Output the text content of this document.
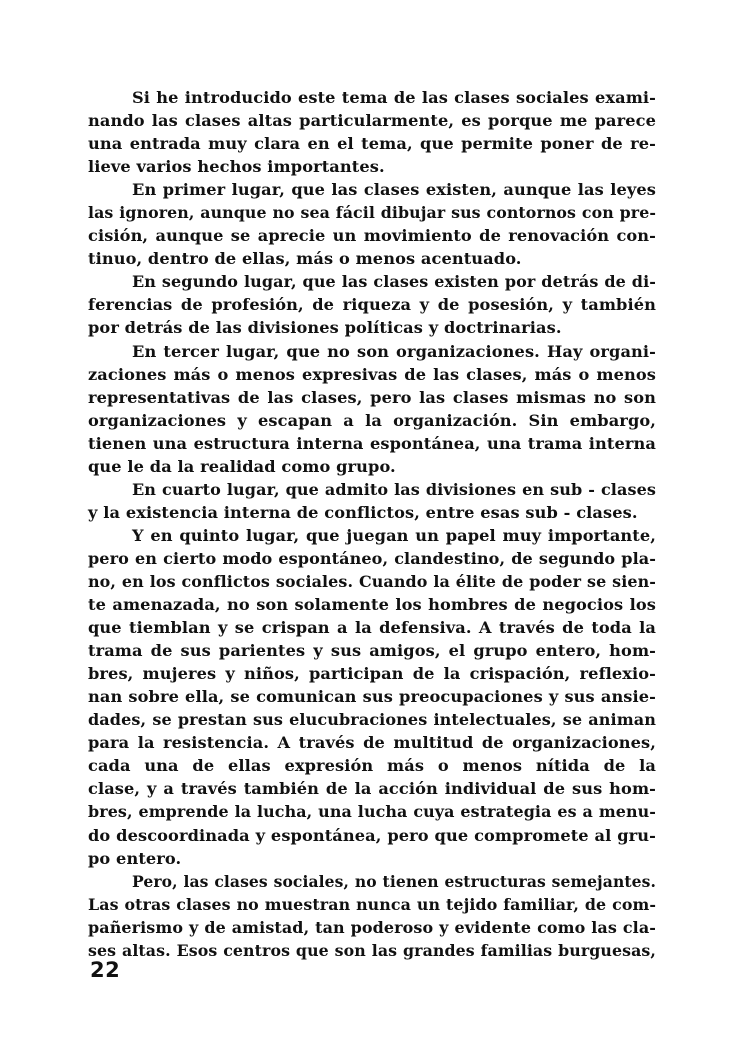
Si he introducido este tema de las clases sociales exami-
nando las clases altas particularmente, es porque me parece
una entrada muy clara en el tema, que permite poner de re-
lieve varios hechos importantes.
En primer lugar, que las clases existen, aunque las leyes
las ignoren, aunque no sea fácil dibujar sus contornos con pre-
cisión, aunque se aprecie un movimiento de renovación con-
tinuo, dentro de ellas, más o menos acentuado.
En segundo lugar, que las clases existen por detrás de di-
ferencias de profesión, de riqueza y de posesión, y también
por detrás de las divisiones políticas y doctrinarias.
En tercer lugar, que no son organizaciones. Hay organi-
zaciones más o menos expresivas de las clases, más o menos
representativas de las clases, pero las clases mismas no son
organizaciones y escapan a la organización. Sin embargo,
tienen una estructura interna espontánea, una trama interna
que le da la realidad como grupo.
En cuarto lugar, que admito las divisiones en sub - clases
y la existencia interna de conflictos, entre esas sub - clases.
Y en quinto lugar, que juegan un papel muy importante,
pero en cierto modo espontáneo, clandestino, de segundo pla-
no, en los conflictos sociales. Cuando la élite de poder se sien-
te amenazada, no son solamente los hombres de negocios los
que tiemblan y se crispan a la defensiva. A través de toda la
trama de sus parientes y sus amigos, el grupo entero, hom-
bres, mujeres y niños, participan de la crispación, reflexio-
nan sobre ella, se comunican sus preocupaciones y sus ansie-
dades, se prestan sus elucubraciones intelectuales, se animan
para la resistencia. A través de multitud de organizaciones,
cada una de ellas expresión más o menos nítida de la
clase, y a través también de la acción individual de sus hom-
bres, emprende la lucha, una lucha cuya estrategia es a menu-
do descoordinada y espontánea, pero que compromete al gru-
po entero.
Pero, las clases sociales, no tienen estructuras semejantes.
Las otras clases no muestran nunca un tejido familiar, de com-
pañerismo y de amistad, tan poderoso y evidente como las cla-
ses altas. Esos centros que son las grandes familias burguesas,
22
